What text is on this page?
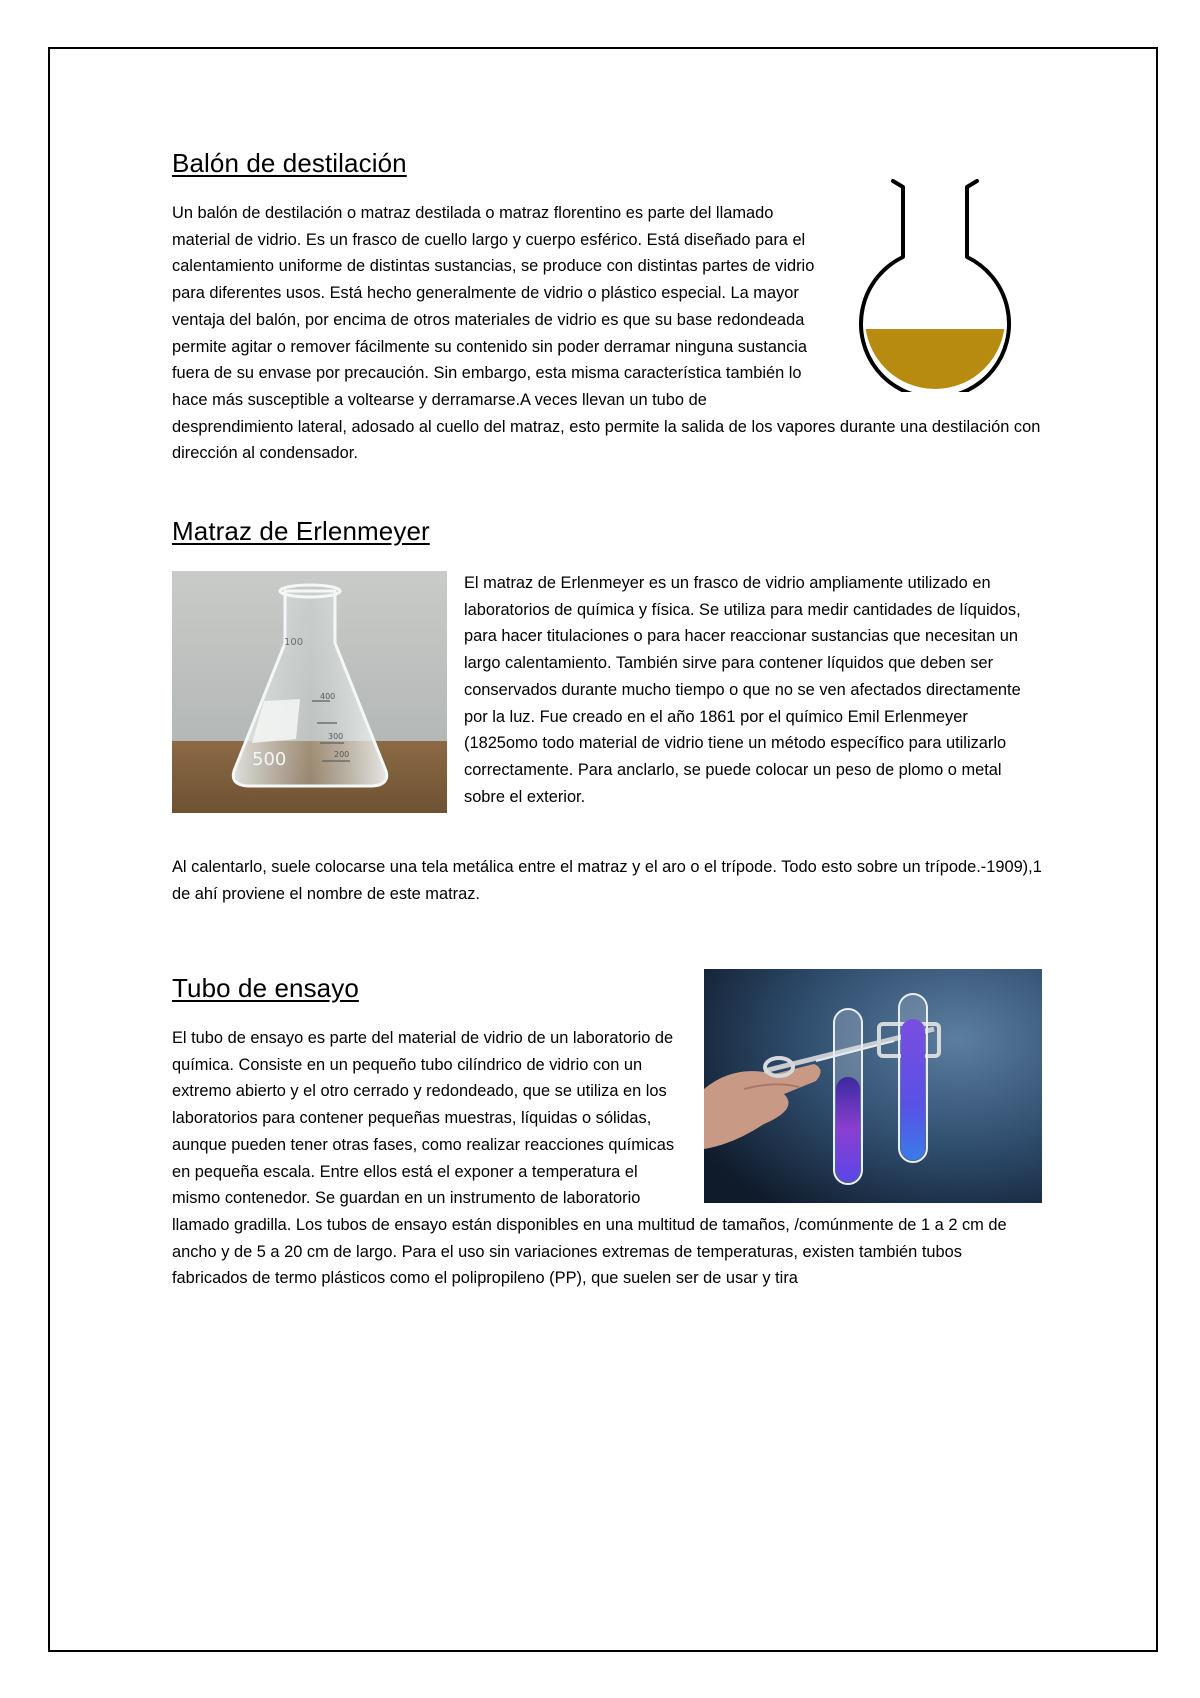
Balón de destilación
Un balón de destilación o matraz destilada o matraz florentino es parte del llamado material de vidrio. Es un frasco de cuello largo y cuerpo esférico. Está diseñado para el calentamiento uniforme de distintas sustancias, se produce con distintas partes de vidrio para diferentes usos. Está hecho generalmente de vidrio o plástico especial. La mayor ventaja del balón, por encima de otros materiales de vidrio es que su base redondeada permite agitar o remover fácilmente su contenido sin poder derramar ninguna sustancia fuera de su envase por precaución. Sin embargo, esta misma característica también lo hace más susceptible a voltearse y derramarse.A veces llevan un tubo de desprendimiento lateral, adosado al cuello del matraz, esto permite la salida de los vapores durante una destilación con dirección al condensador.
Matraz de Erlenmeyer
500
400
300
200
100

El matraz de Erlenmeyer es un frasco de vidrio ampliamente utilizado en laboratorios de química y física. Se utiliza para medir cantidades de líquidos, para hacer titulaciones o para hacer reaccionar sustancias que necesitan un largo calentamiento. También sirve para contener líquidos que deben ser conservados durante mucho tiempo o que no se ven afectados directamente por la luz. Fue creado en el año 1861 por el químico Emil Erlenmeyer (1825omo todo material de vidrio tiene un método específico para utilizarlo correctamente. Para anclarlo, se puede colocar un peso de plomo o metal sobre el exterior.

Al calentarlo, suele colocarse una tela metálica entre el matraz y el aro o el trípode. Todo esto sobre un trípode.-1909),1 de ahí proviene el nombre de este matraz.

Tubo de ensayo
El tubo de ensayo es parte del material de vidrio de un laboratorio de química. Consiste en un pequeño tubo cilíndrico de vidrio con un extremo abierto y el otro cerrado y redondeado, que se utiliza en los laboratorios para contener pequeñas muestras, líquidas o sólidas, aunque pueden tener otras fases, como realizar reacciones químicas en pequeña escala. Entre ellos está el exponer a temperatura el mismo contenedor. Se guardan en un instrumento de laboratorio llamado gradilla. Los tubos de ensayo están disponibles en una multitud de tamaños, /comúnmente de 1 a 2 cm de ancho y de 5 a 20 cm de largo. Para el uso sin variaciones extremas de temperaturas, existen también tubos fabricados de termo plásticos como el polipropileno (PP), que suelen ser de usar y tira
